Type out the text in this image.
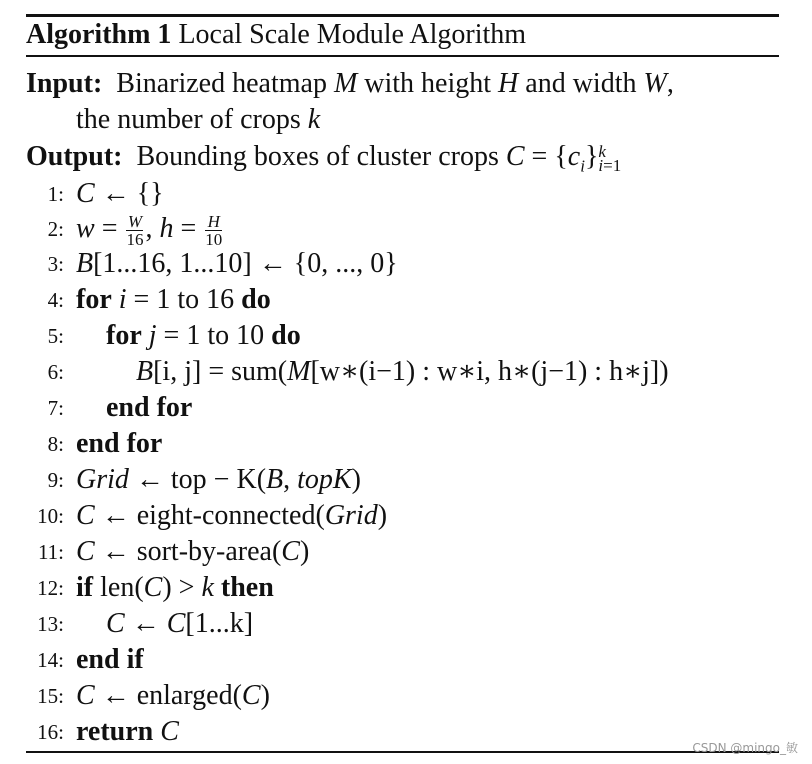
Algorithm 1 Local Scale Module Algorithm
Input:  Binarized heatmap M with height H and width W,
the number of crops k
Output:  Bounding boxes of cluster crops $C = \{c_i\}$ k
i=1
1: C ← {}
2: $w = \frac{W}{16}$ , $h = \frac{H}{10}$
3: B[1...16, 1...10] ← {0, ..., 0}
4: for i = 1 to 16 do
5: for j = 1 to 10 do
6:	B[i, j] = sum(M[w∗(i−1) : w∗i, h∗(j−1) : h∗j])
7: end for
8: end for
9: Grid ← top − K(B, topK)
10: C ← eight-connected(Grid)
11: C ← sort-by-area(C)
12: if len(C) > k then
13: C ← C[1...k]
14: end if
15: C ← enlarged(C)
16: return C
CSDN @mingo_敏
